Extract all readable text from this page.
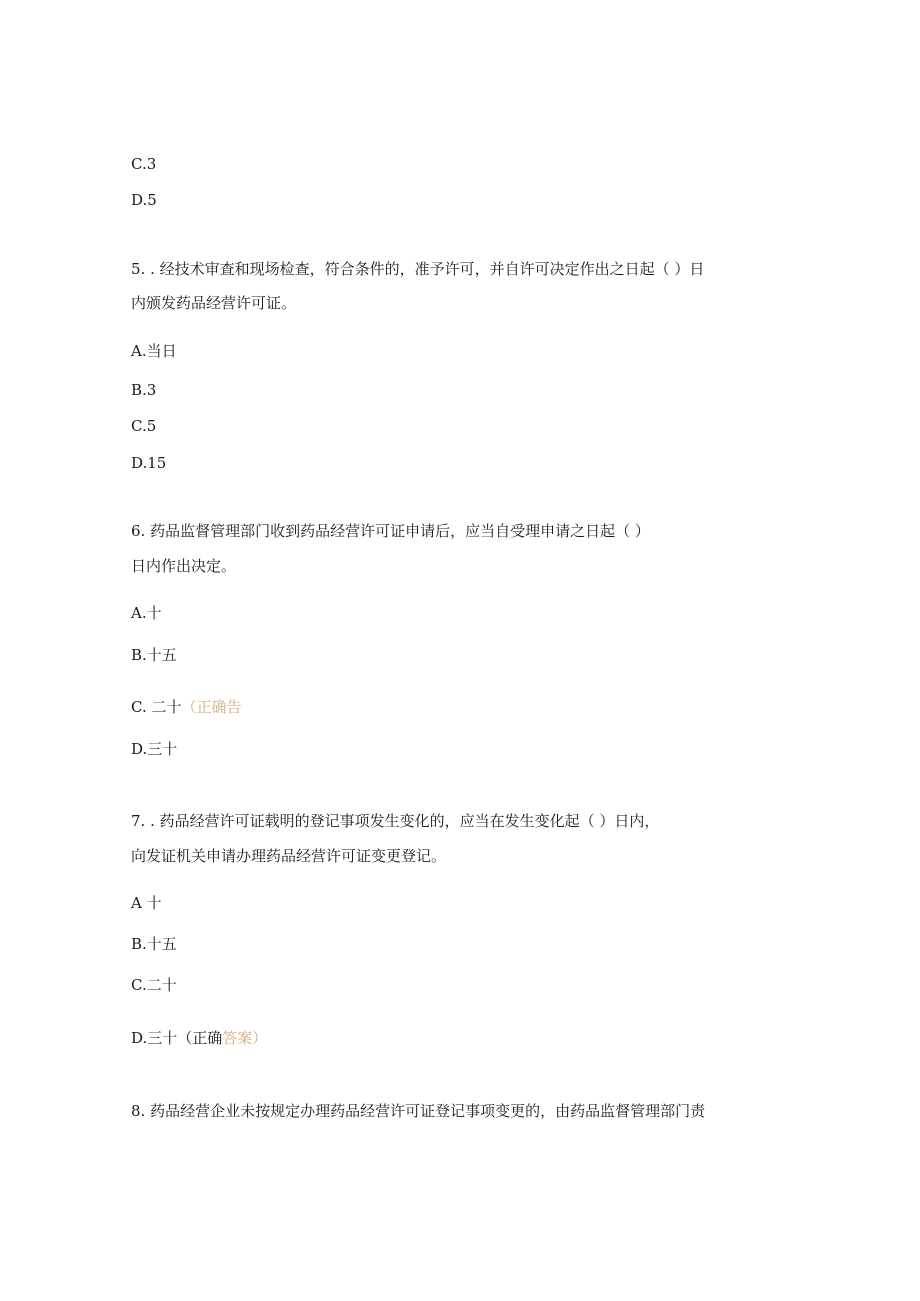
C.3
D.5
5. . 经技术审查和现场检查，符合条件的，准予许可，并自许可决定作出之日起（ ）日
内颁发药品经营许可证。
A.当日
B.3
C.5
D.15
6. 药品监督管理部门收到药品经营许可证申请后，应当自受理申请之日起（ ）
日内作出决定。
A.十
B.十五
C. 二十（正确告
D.三十
7. . 药品经营许可证载明的登记事项发生变化的，应当在发生变化起（ ）日内，
向发证机关申请办理药品经营许可证变更登记。
A 十
B.十五
C.二十
D.三十（正确答案）
8. 药品经营企业未按规定办理药品经营许可证登记事项变更的，由药品监督管理部门责
